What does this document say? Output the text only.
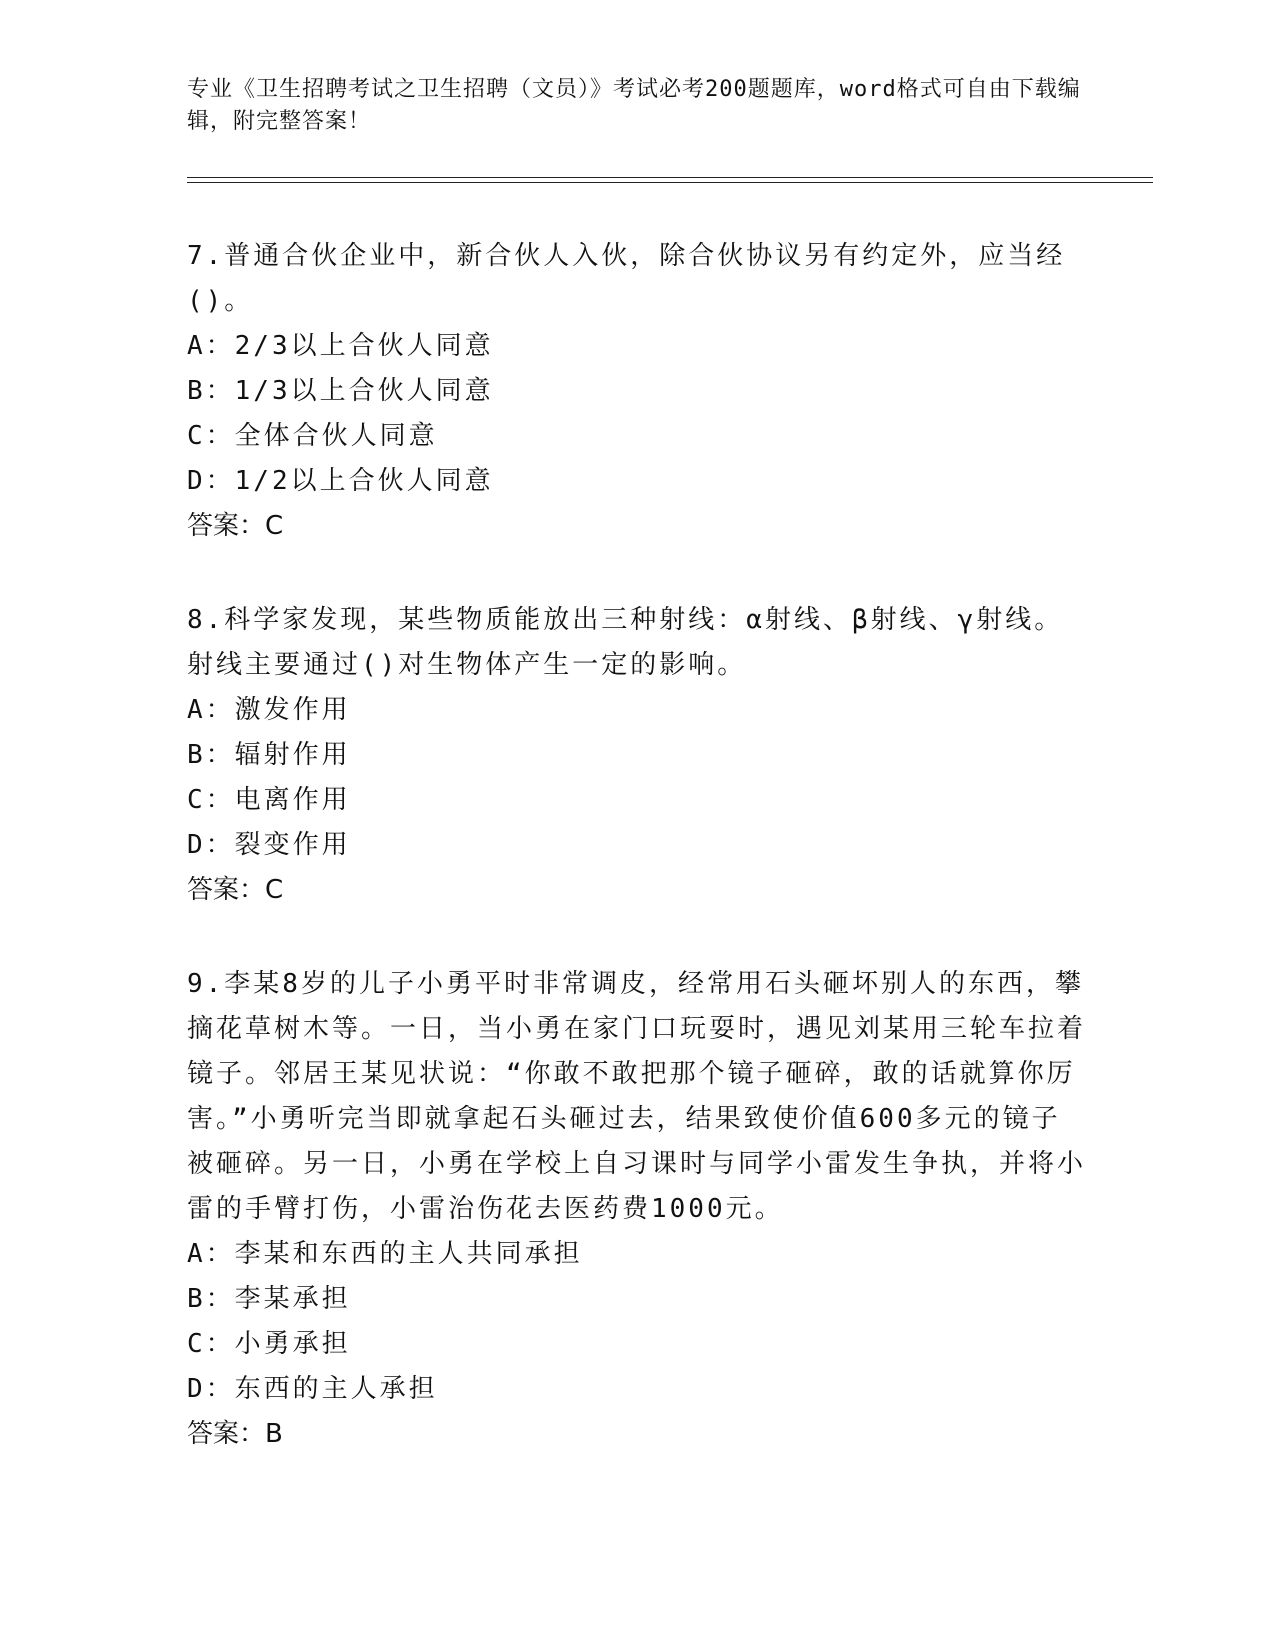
专业《卫生招聘考试之卫生招聘（文员）》考试必考200题题库，word格式可自由下载编辑，附完整答案！

7.普通合伙企业中，新合伙人入伙，除合伙协议另有约定外，应当经()。

A：2/3以上合伙人同意

B：1/3以上合伙人同意

C：全体合伙人同意

D：1/2以上合伙人同意

答案：C

8.科学家发现，某些物质能放出三种射线：α射线、β射线、γ射线。射线主要通过()对生物体产生一定的影响。

A：激发作用

B：辐射作用

C：电离作用

D：裂变作用

答案：C

9.李某8岁的儿子小勇平时非常调皮，经常用石头砸坏别人的东西，攀摘花草树木等。一日，当小勇在家门口玩耍时，遇见刘某用三轮车拉着镜子。邻居王某见状说：“你敢不敢把那个镜子砸碎，敢的话就算你厉害。”小勇听完当即就拿起石头砸过去，结果致使价值600多元的镜子被砸碎。另一日，小勇在学校上自习课时与同学小雷发生争执，并将小雷的手臂打伤，小雷治伤花去医药费1000元。

A：李某和东西的主人共同承担

B：李某承担

C：小勇承担

D：东西的主人承担

答案：B
